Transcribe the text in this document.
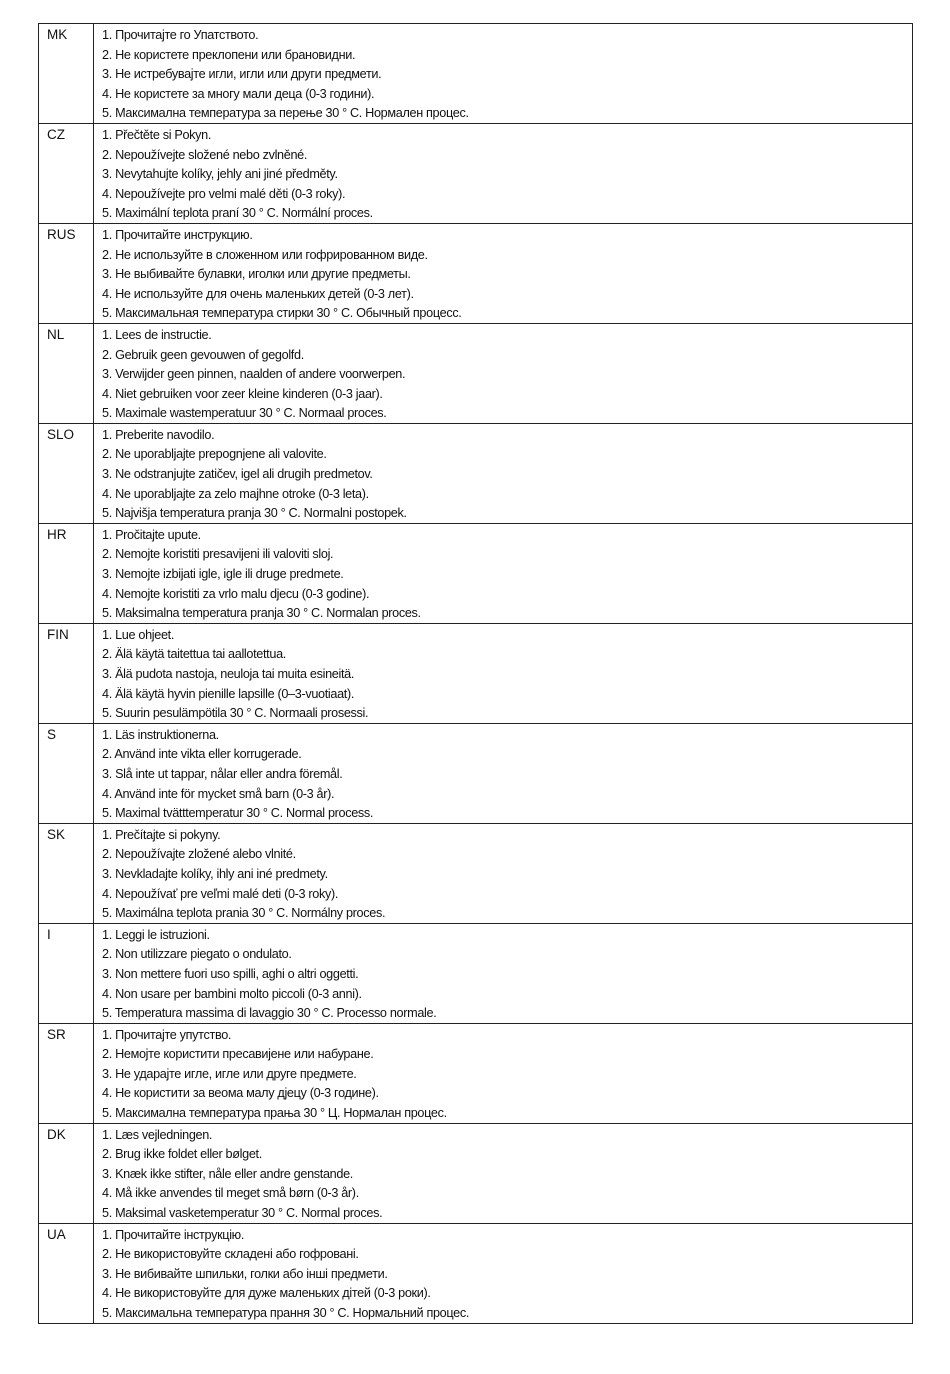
MK	1. Прочитајте го Упатството.
2. Не користете преклопени или брановидни.
3. Не истребувајте игли, игли или други предмети.
4. Не користете за многу мали деца (0-3 години).
5. Максимална температура за перење 30 ° С. Нормален процес.

CZ	1. Přečtěte si Pokyn.
2. Nepoužívejte složené nebo zvlněné.
3. Nevytahujte kolíky, jehly ani jiné předměty.
4. Nepoužívejte pro velmi malé děti (0-3 roky).
5. Maximální teplota praní 30 ° C. Normální proces.

RUS	1. Прочитайте инструкцию.
2. Не используйте в сложенном или гофрированном виде.
3. Не выбивайте булавки, иголки или другие предметы.
4. Не используйте для очень маленьких детей (0-3 лет).
5. Максимальная температура стирки 30 ° С. Обычный процесс.

NL	1. Lees de instructie.
2. Gebruik geen gevouwen of gegolfd.
3. Verwijder geen pinnen, naalden of andere voorwerpen.
4. Niet gebruiken voor zeer kleine kinderen (0-3 jaar).
5. Maximale wastemperatuur 30 ° C. Normaal proces.

SLO	1. Preberite navodilo.
2. Ne uporabljajte prepognjene ali valovite.
3. Ne odstranjujte zatičev, igel ali drugih predmetov.
4. Ne uporabljajte za zelo majhne otroke (0-3 leta).
5. Najvišja temperatura pranja 30 ° C. Normalni postopek.

HR	1. Pročitajte upute.
2. Nemojte koristiti presavijeni ili valoviti sloj.
3. Nemojte izbijati igle, igle ili druge predmete.
4. Nemojte koristiti za vrlo malu djecu (0-3 godine).
5. Maksimalna temperatura pranja 30 ° C. Normalan proces.

FIN	1. Lue ohjeet.
2. Älä käytä taitettua tai aallotettua.
3. Älä pudota nastoja, neuloja tai muita esineitä.
4. Älä käytä hyvin pienille lapsille (0–3-vuotiaat).
5. Suurin pesulämpötila 30 ° C. Normaali prosessi.

S	1. Läs instruktionerna.
2. Använd inte vikta eller korrugerade.
3. Slå inte ut tappar, nålar eller andra föremål.
4. Använd inte för mycket små barn (0-3 år).
5. Maximal tvätttemperatur 30 ° C. Normal process.

SK	1. Prečítajte si pokyny.
2. Nepoužívajte zložené alebo vlnité.
3. Nevkladajte kolíky, ihly ani iné predmety.
4. Nepoužívať pre veľmi malé deti (0-3 roky).
5. Maximálna teplota prania 30 ° C. Normálny proces.

I	1. Leggi le istruzioni.
2. Non utilizzare piegato o ondulato.
3. Non mettere fuori uso spilli, aghi o altri oggetti.
4. Non usare per bambini molto piccoli (0-3 anni).
5. Temperatura massima di lavaggio 30 ° C. Processo normale.

SR	1. Прочитајте упутство.
2. Немојте користити пресавијене или набуране.
3. Не ударајте игле, игле или друге предмете.
4. Не користити за веома малу дјецу (0-3 године).
5. Максимална температура прања 30 ° Ц. Нормалан процес.

DK	1. Læs vejledningen.
2. Brug ikke foldet eller bølget.
3. Knæk ikke stifter, nåle eller andre genstande.
4. Må ikke anvendes til meget små børn (0-3 år).
5. Maksimal vasketemperatur 30 ° C. Normal proces.

UA	1. Прочитайте інструкцію.
2. Не використовуйте складені або гофровані.
3. Не вибивайте шпильки, голки або інші предмети.
4. Не використовуйте для дуже маленьких дітей (0-3 роки).
5. Максимальна температура прання 30 ° С. Нормальний процес.
